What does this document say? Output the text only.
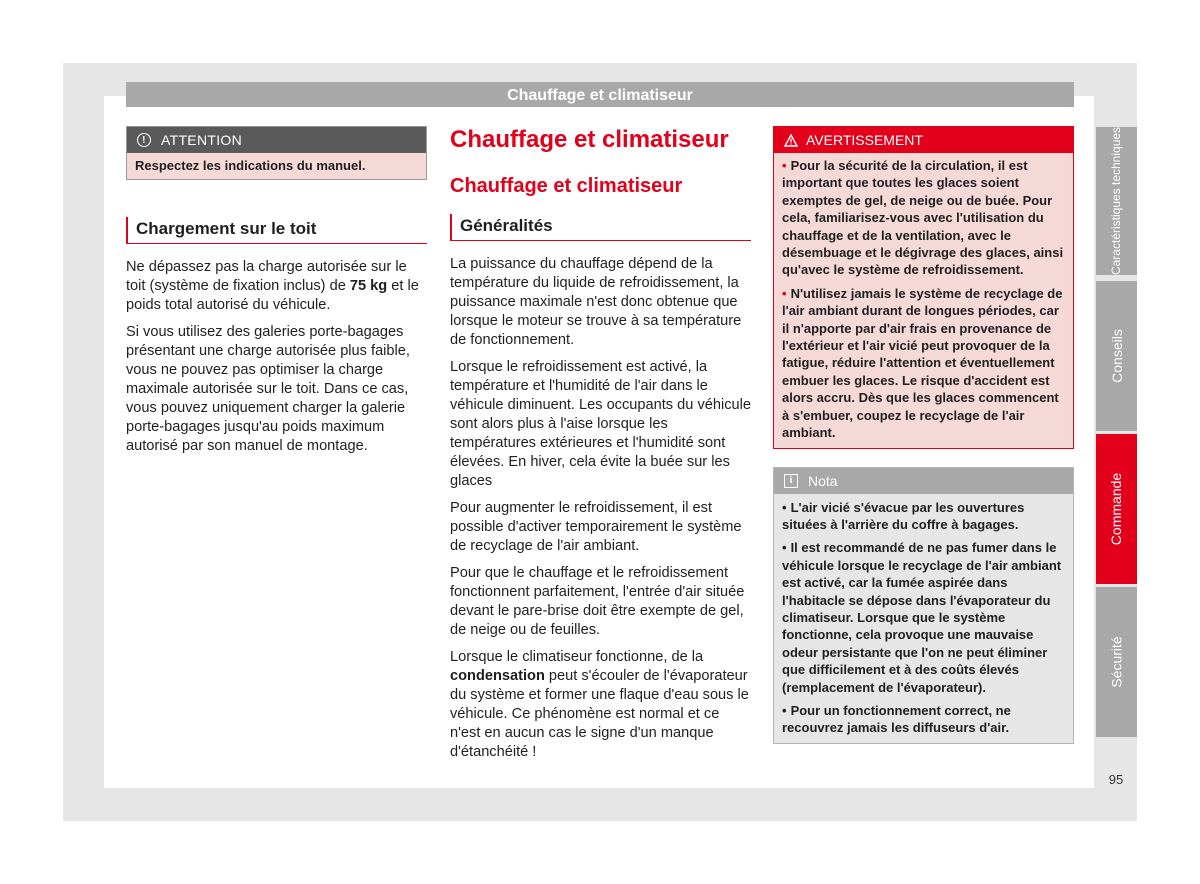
Chauffage et climatiseur
Caractéristiques techniques
Conseils
Commande
Sécurité
!	ATTENTION
Respectez les indications du manuel.
Chargement sur le toit

Ne dépassez pas la charge autorisée sur le toit (système de fixation inclus) de 75 kg et le poids total autorisé du véhicule.

Si vous utilisez des galeries porte-bagages présentant une charge autorisée plus faible, vous ne pouvez pas optimiser la charge maximale autorisée sur le toit. Dans ce cas, vous pouvez uniquement charger la galerie porte-bagages jusqu'au poids maximum autorisé par son manuel de montage.

Chauffage et climatiseur
Chauffage et climatiseur
Généralités

La puissance du chauffage dépend de la température du liquide de refroidissement, la puissance maximale n'est donc obtenue que lorsque le moteur se trouve à sa température de fonctionnement.

Lorsque le refroidissement est activé, la température et l'humidité de l'air dans le véhicule diminuent. Les occupants du véhicule sont alors plus à l'aise lorsque les températures extérieures et l'humidité sont élevées. En hiver, cela évite la buée sur les glaces

Pour augmenter le refroidissement, il est possible d'activer temporairement le système de recyclage de l'air ambiant.

Pour que le chauffage et le refroidissement fonctionnent parfaitement, l'entrée d'air située devant le pare-brise doit être exempte de gel, de neige ou de feuilles.

Lorsque le climatiseur fonctionne, de la condensation peut s'écouler de l'évaporateur du système et former une flaque d'eau sous le véhicule. Ce phénomène est normal et ce n'est en aucun cas le signe d'un manque d'étanchéité !

AVERTISSEMENT

• Pour la sécurité de la circulation, il est important que toutes les glaces soient exemptes de gel, de neige ou de buée. Pour cela, familiarisez-vous avec l'utilisation du chauffage et de la ventilation, avec le désembuage et le dégivrage des glaces, ainsi qu'avec le système de refroidissement.

• N'utilisez jamais le système de recyclage de l'air ambiant durant de longues périodes, car il n'apporte par d'air frais en provenance de l'extérieur et l'air vicié peut provoquer de la fatigue, réduire l'attention et éventuellement embuer les glaces. Le risque d'accident est alors accru. Dès que les glaces commencent à s'embuer, coupez le recyclage de l'air ambiant.

i	Nota

• L'air vicié s'évacue par les ouvertures situées à l'arrière du coffre à bagages.

• Il est recommandé de ne pas fumer dans le véhicule lorsque le recyclage de l'air ambiant est activé, car la fumée aspirée dans l'habitacle se dépose dans l'évaporateur du climatiseur. Lorsque que le système fonctionne, cela provoque une mauvaise odeur persistante que l'on ne peut éliminer que difficilement et à des coûts élevés (remplacement de l'évaporateur).

• Pour un fonctionnement correct, ne recouvrez jamais les diffuseurs d'air.

95
